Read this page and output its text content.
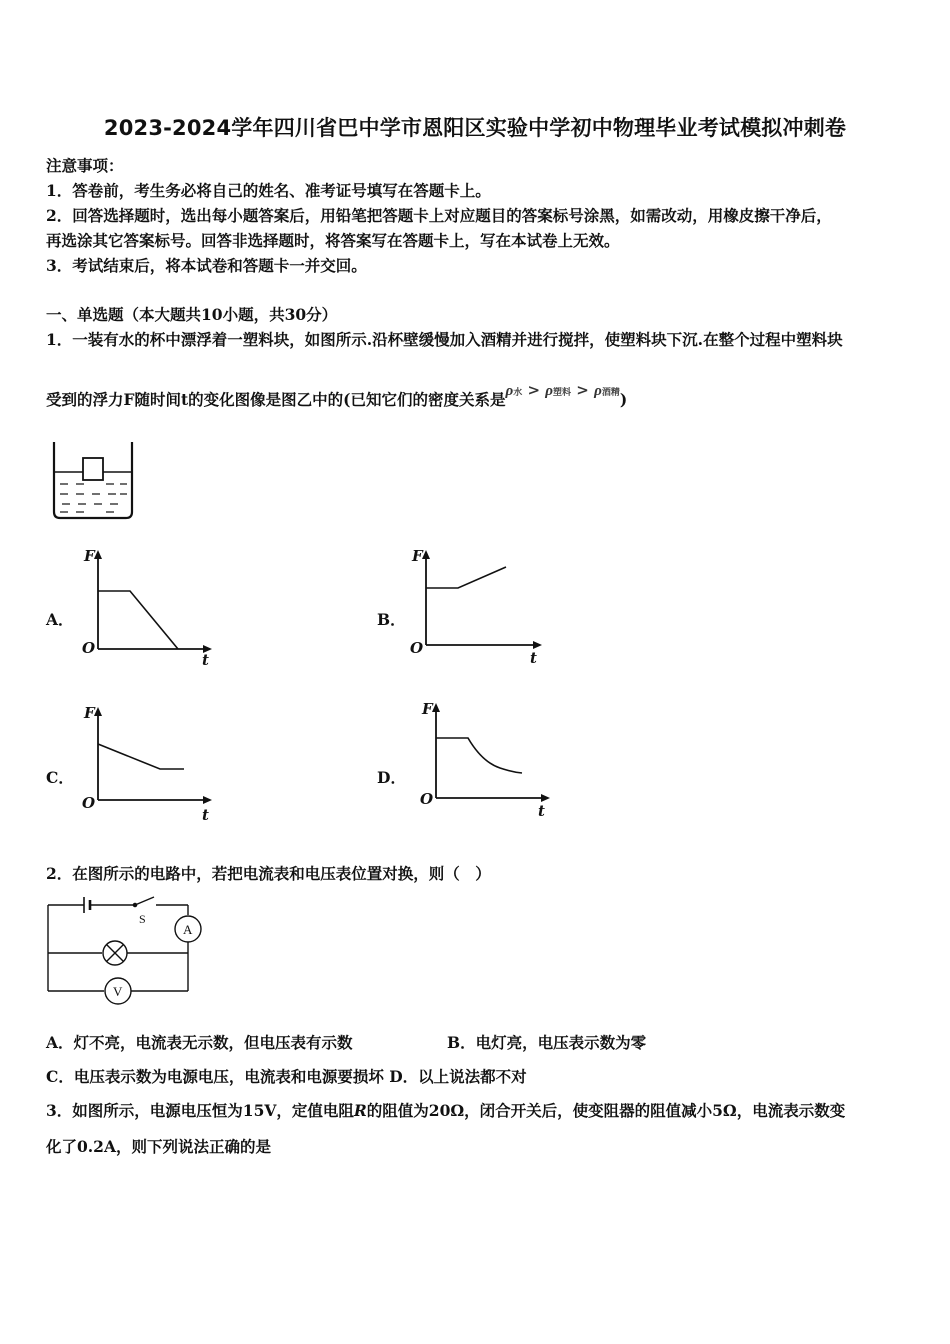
2023-2024学年四川省巴中学市恩阳区实验中学初中物理毕业考试模拟冲刺卷
注意事项：
1．答卷前，考生务必将自己的姓名、准考证号填写在答题卡上。
2．回答选择题时，选出每小题答案后，用铅笔把答题卡上对应题目的答案标号涂黑，如需改动，用橡皮擦干净后，
再选涂其它答案标号。回答非选择题时，将答案写在答题卡上，写在本试卷上无效。
3．考试结束后，将本试卷和答题卡一并交回。
一、单选题（本大题共10小题，共30分）
1．一装有水的杯中漂浮着一塑料块，如图所示.沿杯壁缓慢加入酒精并进行搅拌，使塑料块下沉.在整个过程中塑料块
受到的浮力F随时间t的变化图像是图乙中的(已知它们的密度关系是ρ水 > ρ塑料 > ρ酒精)
A．
F
O
t
B．
F
O
t
C．
F
O
t
D．
F
O
t
2．在图所示的电路中，若把电流表和电压表位置对换，则（　）
S
A
V
A．灯不亮，电流表无示数，但电压表有示数	B．电灯亮，电压表示数为零
C．电压表示数为电源电压，电流表和电源要损坏 D．以上说法都不对
3．如图所示，电源电压恒为15V，定值电阻R的阻值为20Ω，闭合开关后，使变阻器的阻值减小5Ω，电流表示数变
化了0.2A，则下列说法正确的是
